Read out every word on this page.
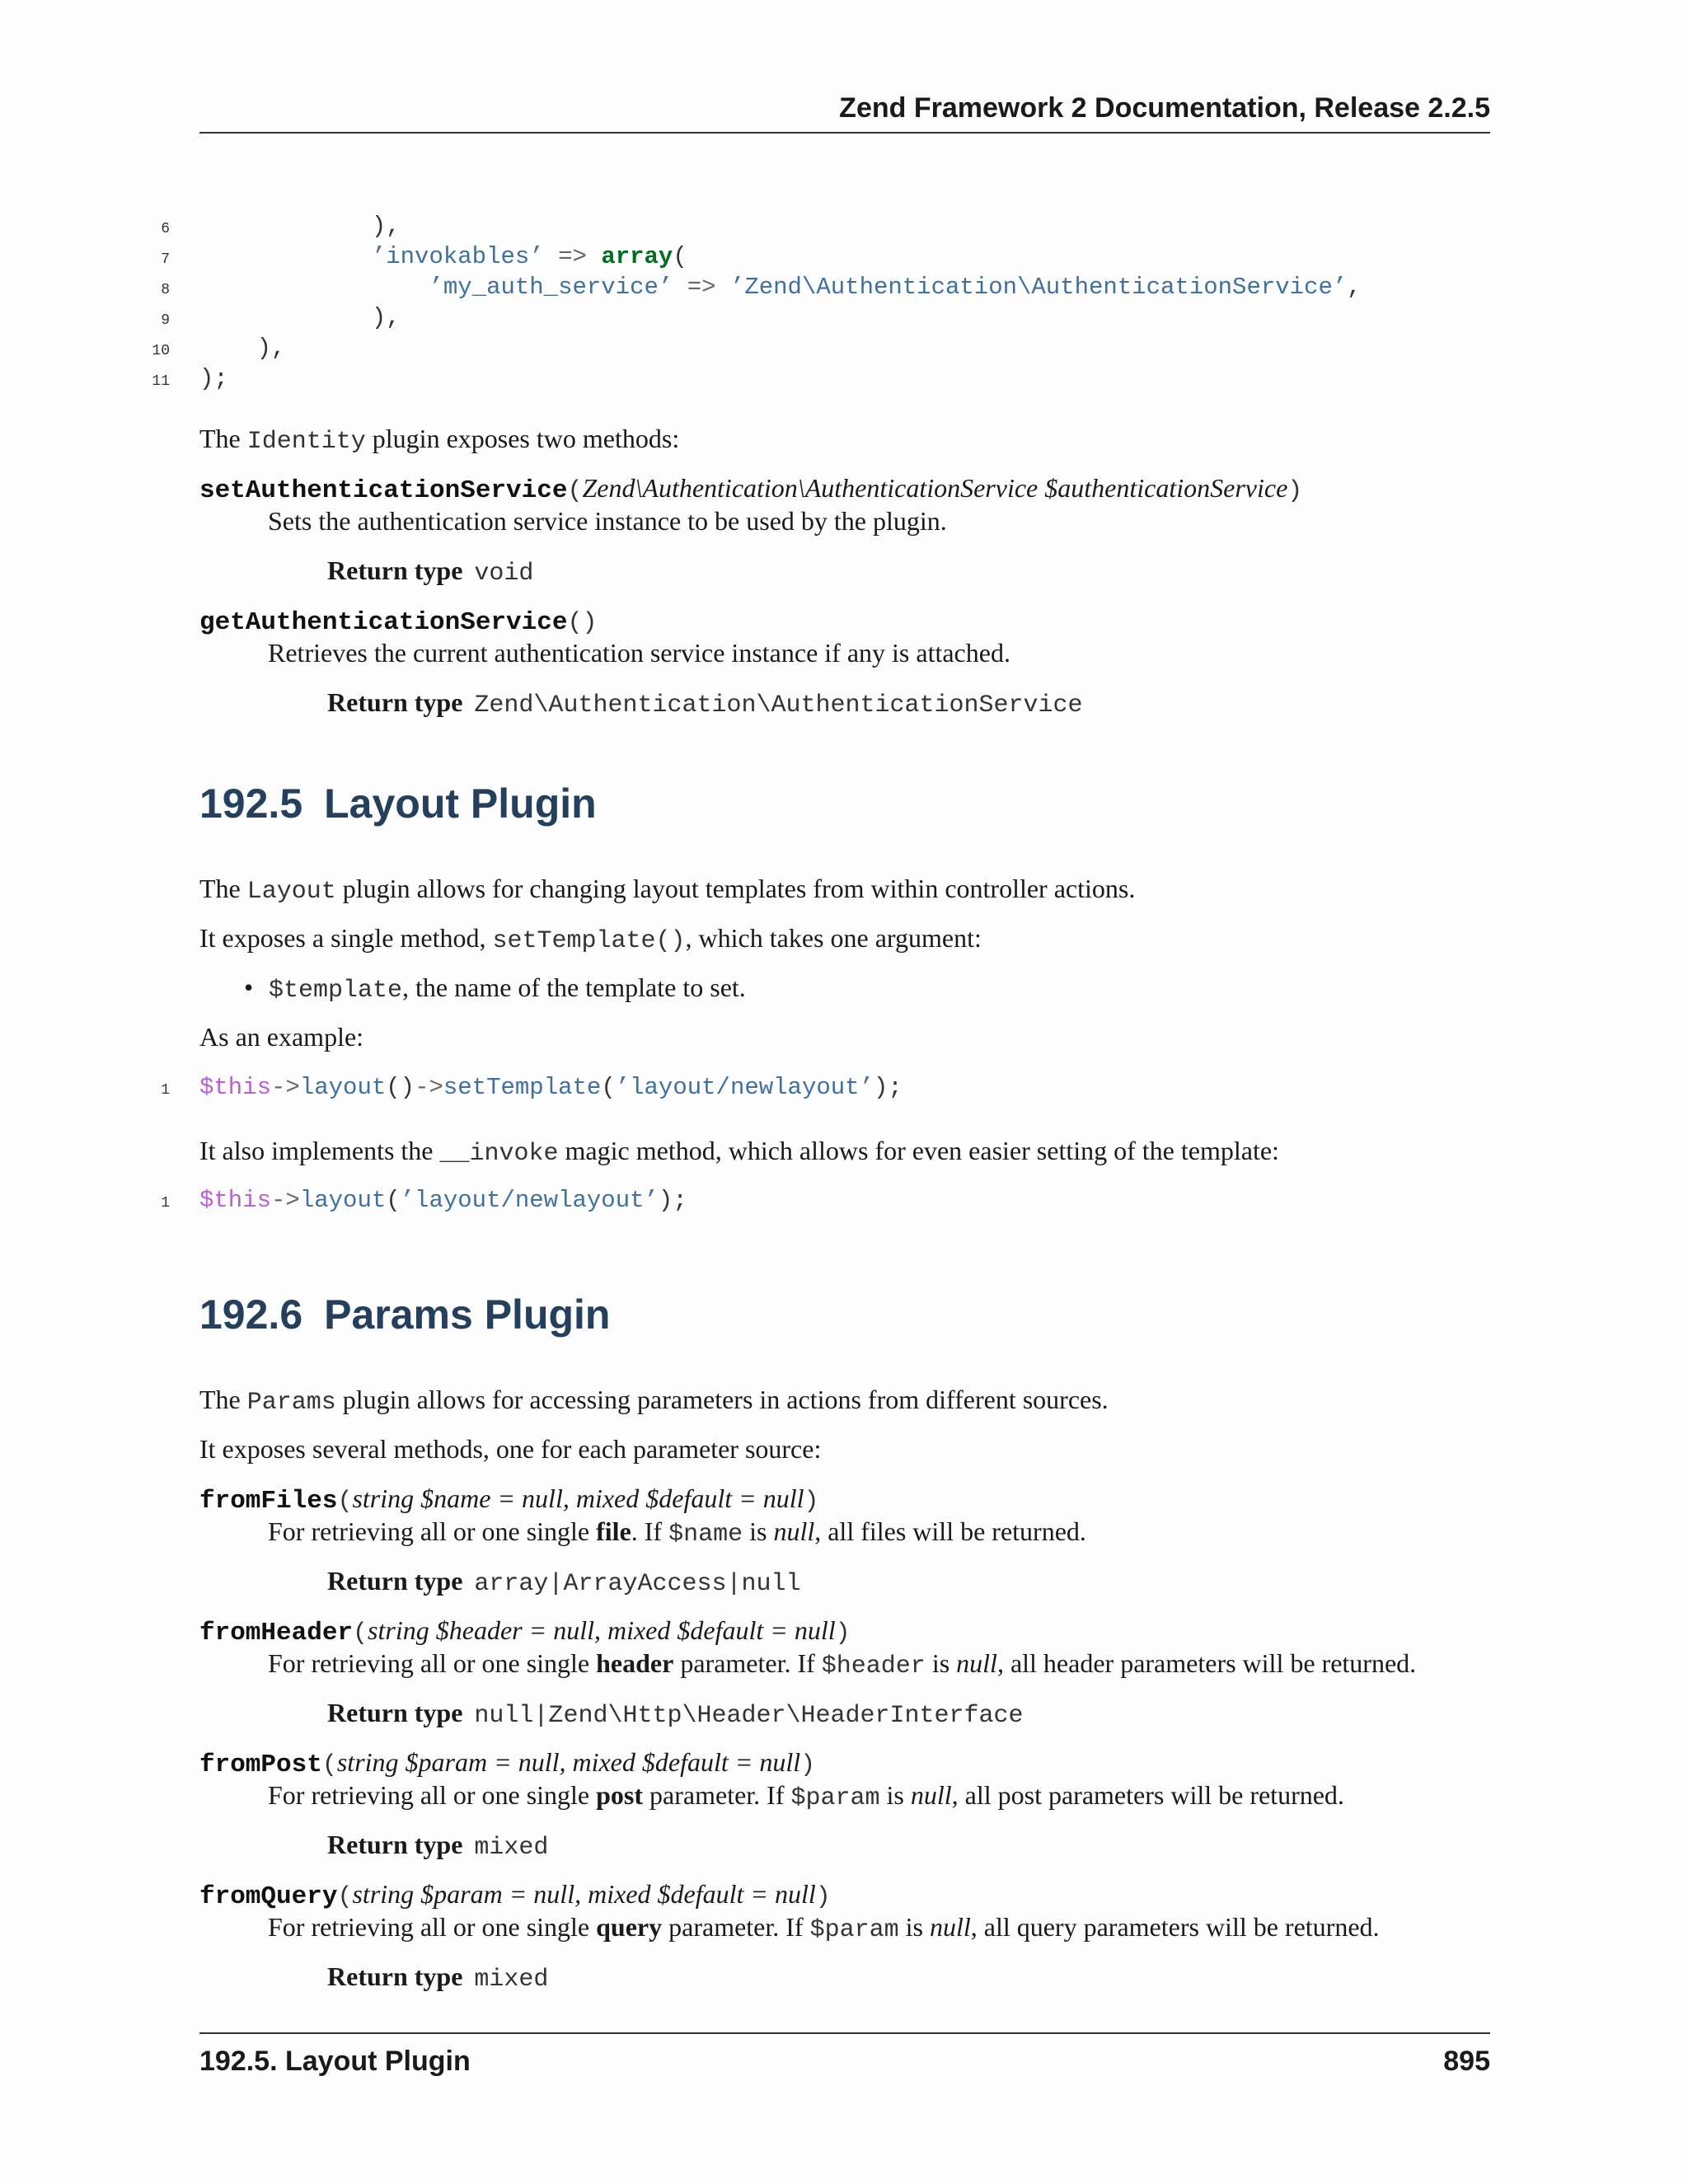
Zend Framework 2 Documentation, Release 2.2.5
6	),
7	’invokables’ => array(
8	’my_auth_service’ => ’Zend\Authentication\AuthenticationService’,
9	),
10	),
11 );
The Identity plugin exposes two methods:
setAuthenticationService(Zend\Authentication\AuthenticationService $authenticationService)
Sets the authentication service instance to be used by the plugin.
Return type void
getAuthenticationService()
Retrieves the current authentication service instance if any is attached.
Return type Zend\Authentication\AuthenticationService
192.5 Layout Plugin
The Layout plugin allows for changing layout templates from within controller actions.
It exposes a single method, setTemplate(), which takes one argument:
• $template, the name of the template to set.
As an example:
1 $this->layout()->setTemplate(’layout/newlayout’);
It also implements the __invoke magic method, which allows for even easier setting of the template:
1 $this->layout(’layout/newlayout’);
192.6 Params Plugin
The Params plugin allows for accessing parameters in actions from different sources.
It exposes several methods, one for each parameter source:
fromFiles(string $name = null, mixed $default = null)
For retrieving all or one single file. If $name is null, all files will be returned.
Return type array|ArrayAccess|null
fromHeader(string $header = null, mixed $default = null)
For retrieving all or one single header parameter. If $header is null, all header parameters will be returned.
Return type null|Zend\Http\Header\HeaderInterface
fromPost(string $param = null, mixed $default = null)
For retrieving all or one single post parameter. If $param is null, all post parameters will be returned.
Return type mixed
fromQuery(string $param = null, mixed $default = null)
For retrieving all or one single query parameter. If $param is null, all query parameters will be returned.
Return type mixed
192.5. Layout Plugin	895
